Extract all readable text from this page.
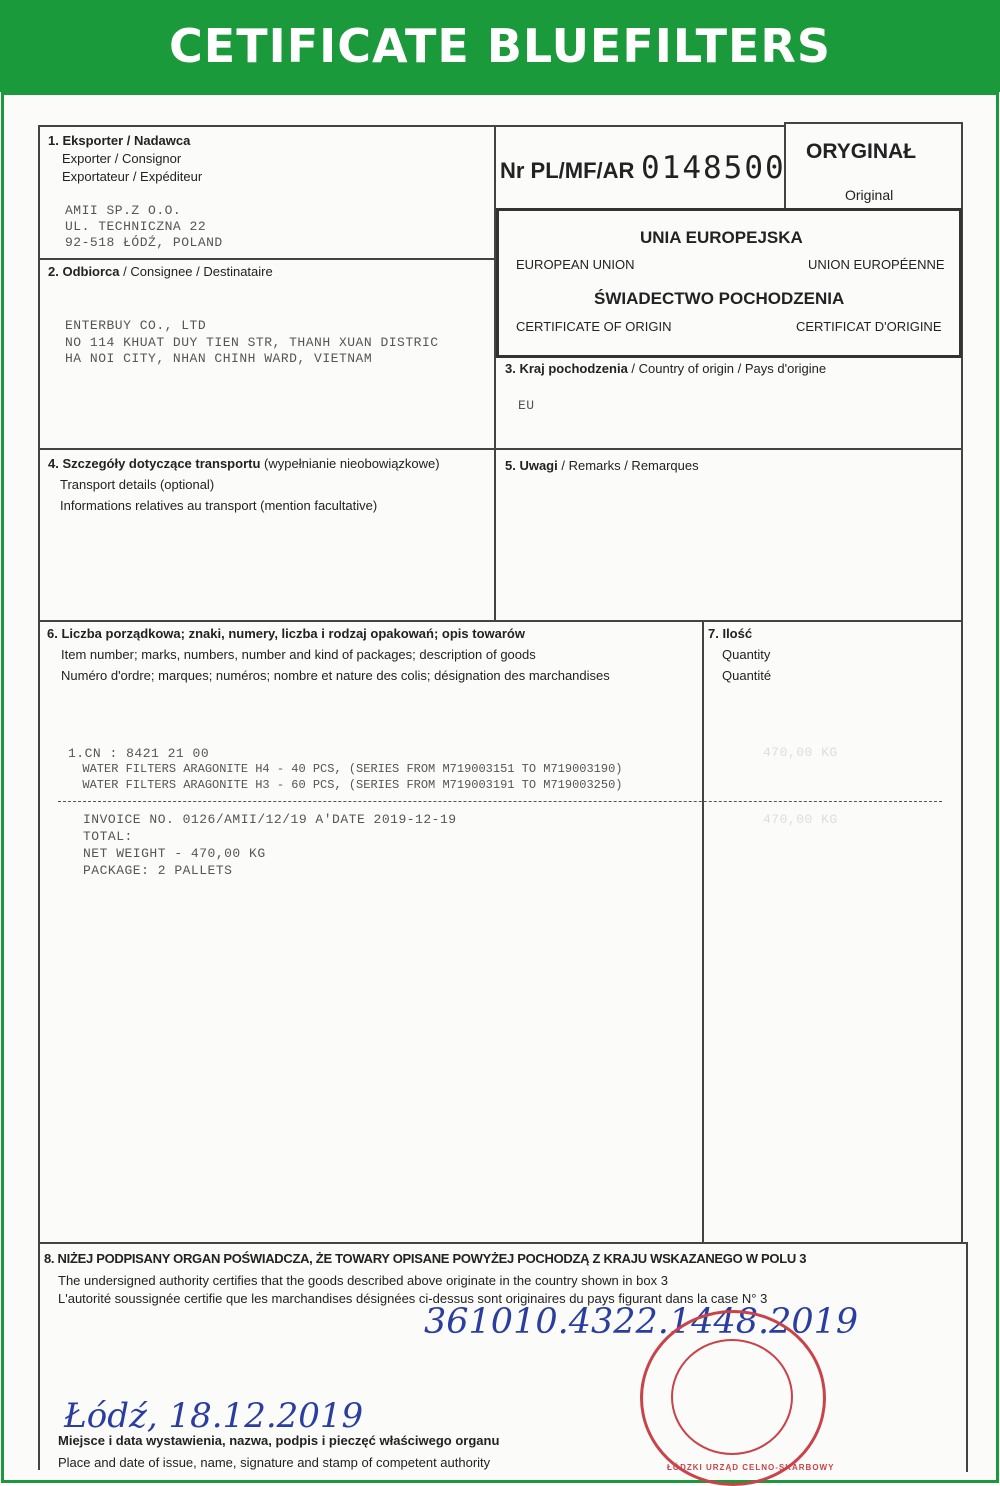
CETIFICATE BLUEFILTERS
1. Eksporter / Nadawca
Exporter / Consignor
Exportateur / Expéditeur
AMII SP.Z O.O.
UL. TECHNICZNA 22
92-518 ŁÓDŹ, POLAND
Nr PL/MF/AR 0148500 ORYGINAŁ
Original
UNIA EUROPEJSKA
EUROPEAN UNION	UNION EUROPÉENNE
ŚWIADECTWO POCHODZENIA
CERTIFICATE OF ORIGIN	CERTIFICAT D'ORIGINE
2. Odbiorca / Consignee / Destinataire
ENTERBUY CO., LTD
NO 114 KHUAT DUY TIEN STR, THANH XUAN DISTRIC
HA NOI CITY, NHAN CHINH WARD, VIETNAM
3. Kraj pochodzenia / Country of origin / Pays d'origine
EU
4. Szczegóły dotyczące transportu (wypełnianie nieobowiązkowe)
Transport details (optional)
Informations relatives au transport (mention facultative)
5. Uwagi / Remarks / Remarques
6. Liczba porządkowa; znaki, numery, liczba i rodzaj opakowań; opis towarów
Item number; marks, numbers, number and kind of packages; description of goods
Numéro d'ordre; marques; numéros; nombre et nature des colis; désignation des marchandises
1.CN : 8421 21 00
WATER FILTERS ARAGONITE H4 - 40 PCS, (SERIES FROM M719003151 TO M719003190)
WATER FILTERS ARAGONITE H3 - 60 PCS, (SERIES FROM M719003191 TO M719003250)
INVOICE NO. 0126/AMII/12/19 A'DATE 2019-12-19
TOTAL:
NET WEIGHT - 470,00 KG
PACKAGE: 2 PALLETS
7. Ilość
Quantity
Quantité
470,00 KG
470,00 KG
8. NIŻEJ PODPISANY ORGAN POŚWIADCZA, ŻE TOWARY OPISANE POWYŻEJ POCHODZĄ Z KRAJU WSKAZANEGO W POLU 3
The undersigned authority certifies that the goods described above originate in the country shown in box 3
L'autorité soussignée certifie que les marchandises désignées ci-dessus sont originaires du pays figurant dans la case N° 3
361010.4322.1448.2019
ŁÓDZKI URZĄD CELNO-SKARBOWY
Łódź, 18.12.2019
Miejsce i data wystawienia, nazwa, podpis i pieczęć właściwego organu
Place and date of issue, name, signature and stamp of competent authority
